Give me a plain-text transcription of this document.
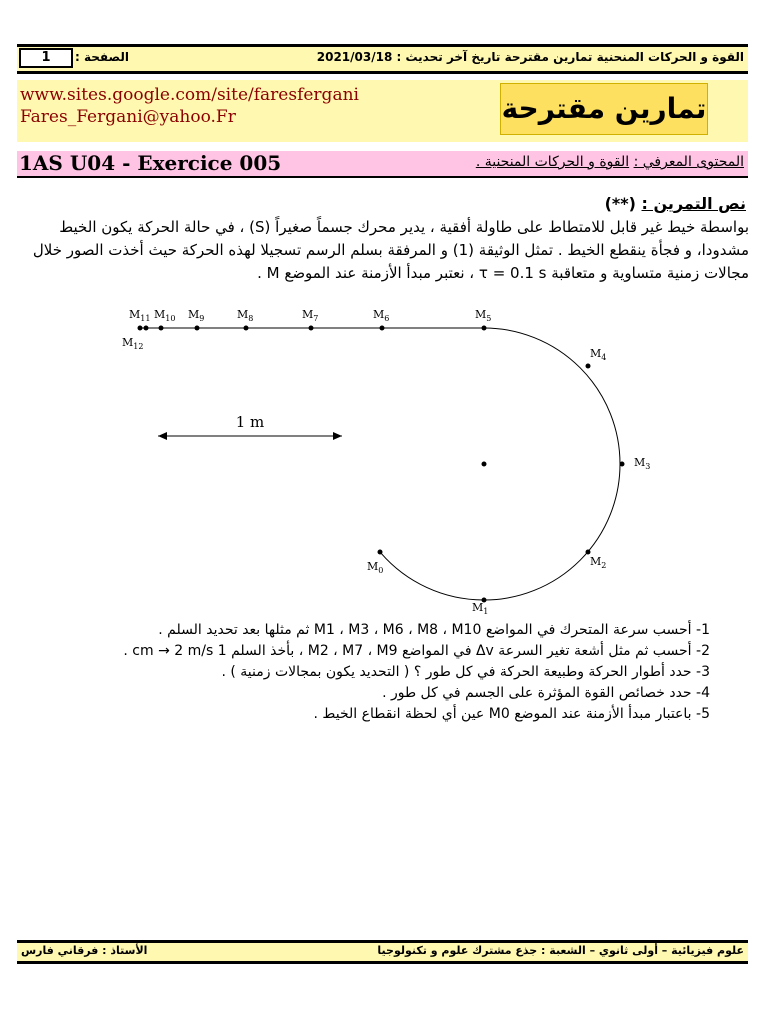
1	: الصفحة	القوة و الحركات المنحنية تمارين مقترحة تاريخ آخر تحديث : 2021/03/18
www.sites.google.com/site/faresfergani
Fares_Fergani@yahoo.Fr	تمارين مقترحة
1AS U04 - Exercice 005	المحتوى المعرفي : القوة و الحركات المنحنية .
نص التمرين : (**)

بواسطة خيط غير قابل للامتطاط على طاولة أفقية ، يدير محرك جسماً صغيراً (S) ، في حالة الحركة يكون الخيط

مشدودا، و فجأة ينقطع الخيط . تمثل الوثيقة (1) و المرفقة بسلم الرسم تسجيلا لهذه الحركة حيث أخذت الصور خلال

مجالات زمنية متساوية و متعاقبة τ = 0.1 s ، نعتبر مبدأ الأزمنة عند الموضع M .

1 m
$M_0$
$M_1$
$M_2$
$M_3$
$M_4$
$M_5$
$M_6$
$M_7$
$M_8$
$M_9$
$M_{10}$
$M_{11}$
$M_{12}$

1- أحسب سرعة المتحرك في المواضع M1 ، M3 ، M6 ، M8 ، M10 ثم مثلها بعد تحديد السلم .

2- أحسب ثم مثل أشعة تغير السرعة Δv في المواضع M2 ، M7 ، M9 ، بأخذ السلم 1 cm → 2 m/s .

3- حدد أطوار الحركة وطبيعة الحركة في كل طور ؟ ( التحديد يكون بمجالات زمنية ) .

4- حدد خصائص القوة المؤثرة على الجسم في كل طور .

5- باعتبار مبدأ الأزمنة عند الموضع M0 عين أي لحظة انقطاع الخيط .

الأستاذ : فرقاني فارس	علوم فيزيائية – أولى ثانوي – الشعبة : جذع مشترك علوم و تكنولوجيا
